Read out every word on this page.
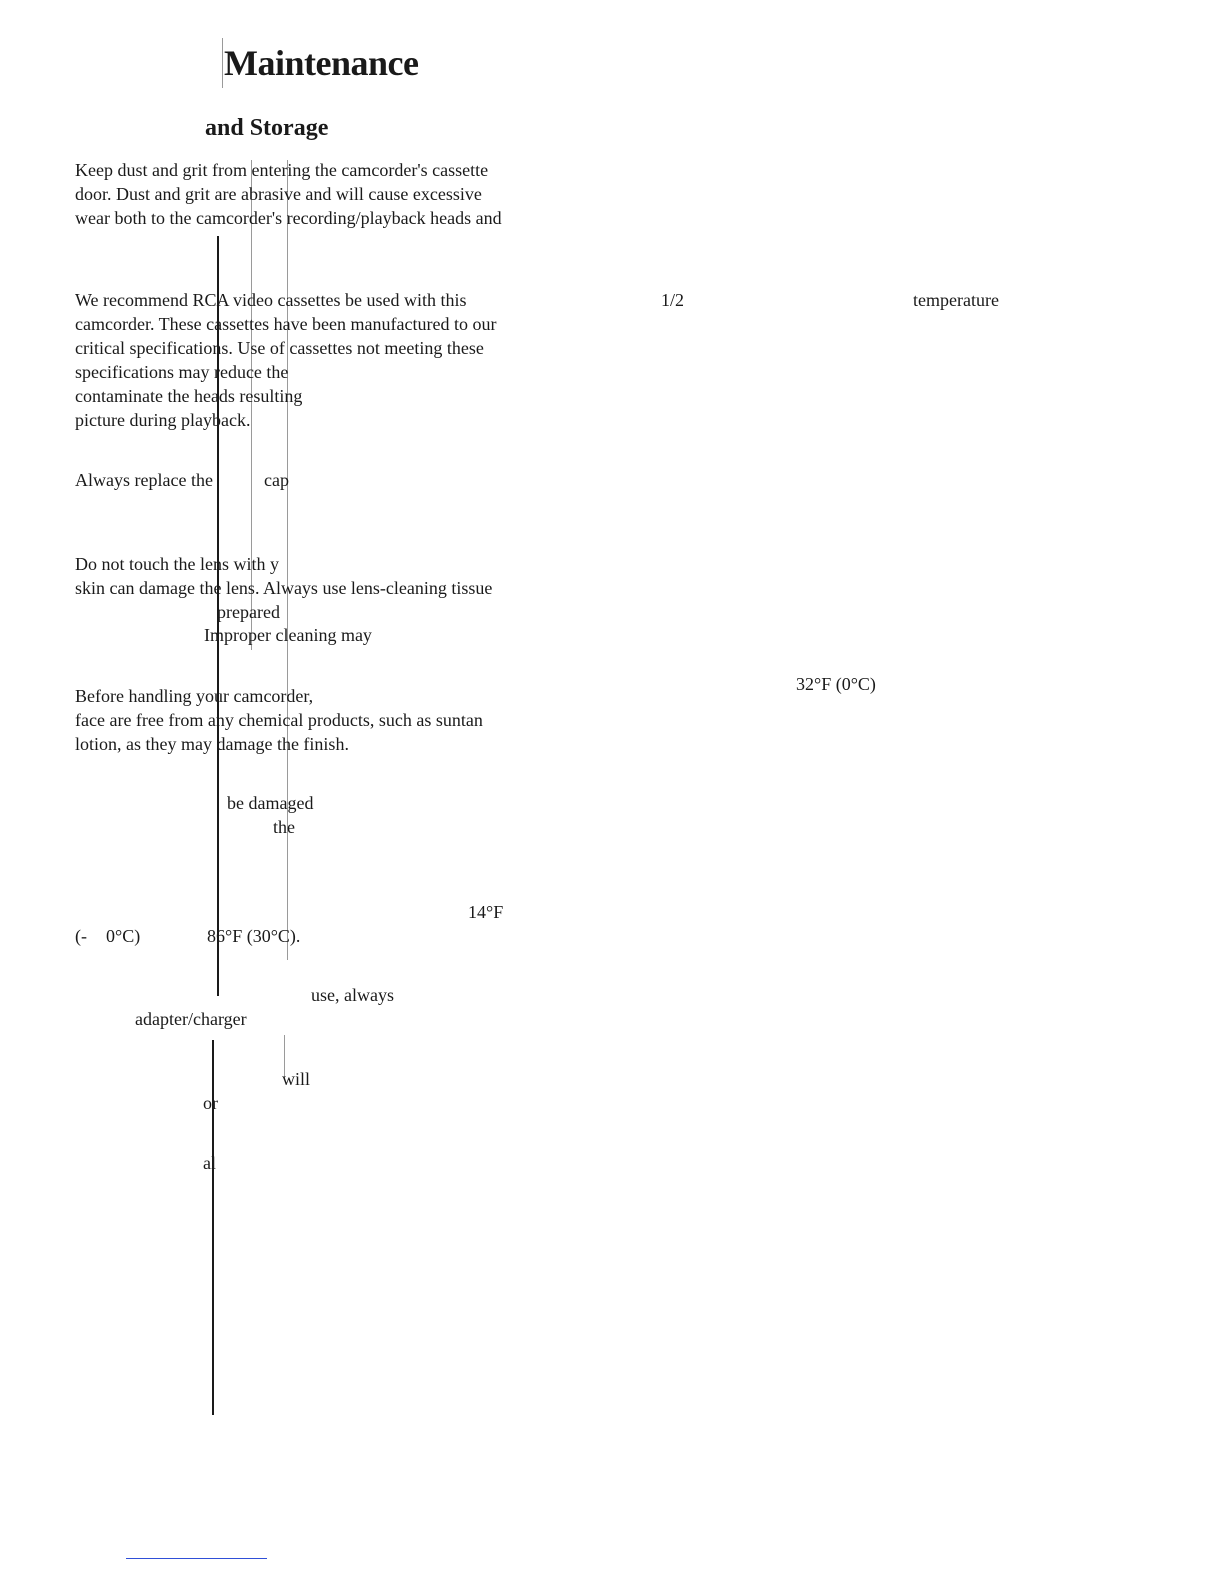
Maintenance
and Storage
Keep dust and grit from entering the camcorder's cassette
door. Dust and grit are abrasive and will cause excessive
wear both to the camcorder's recording/playback heads and
We recommend RCA video cassettes be used with this
camcorder. These cassettes have been manufactured to our
critical specifications. Use of cassettes not meeting these
specifications may reduce the
contaminate the heads resulting
picture during playback.
Always replace the	cap
Do not touch the lens with y
skin can damage the lens. Always use lens-cleaning tissue
prepared
Improper cleaning may
Before handling your camcorder,
face are free from any chemical products, such as suntan
lotion, as they may damage the finish.
be damaged
the
14°F
(- 0°C)	86°F (30°C).
use, always
adapter/charger
will
or
al
1/2	temperature
32°F (0°C)
